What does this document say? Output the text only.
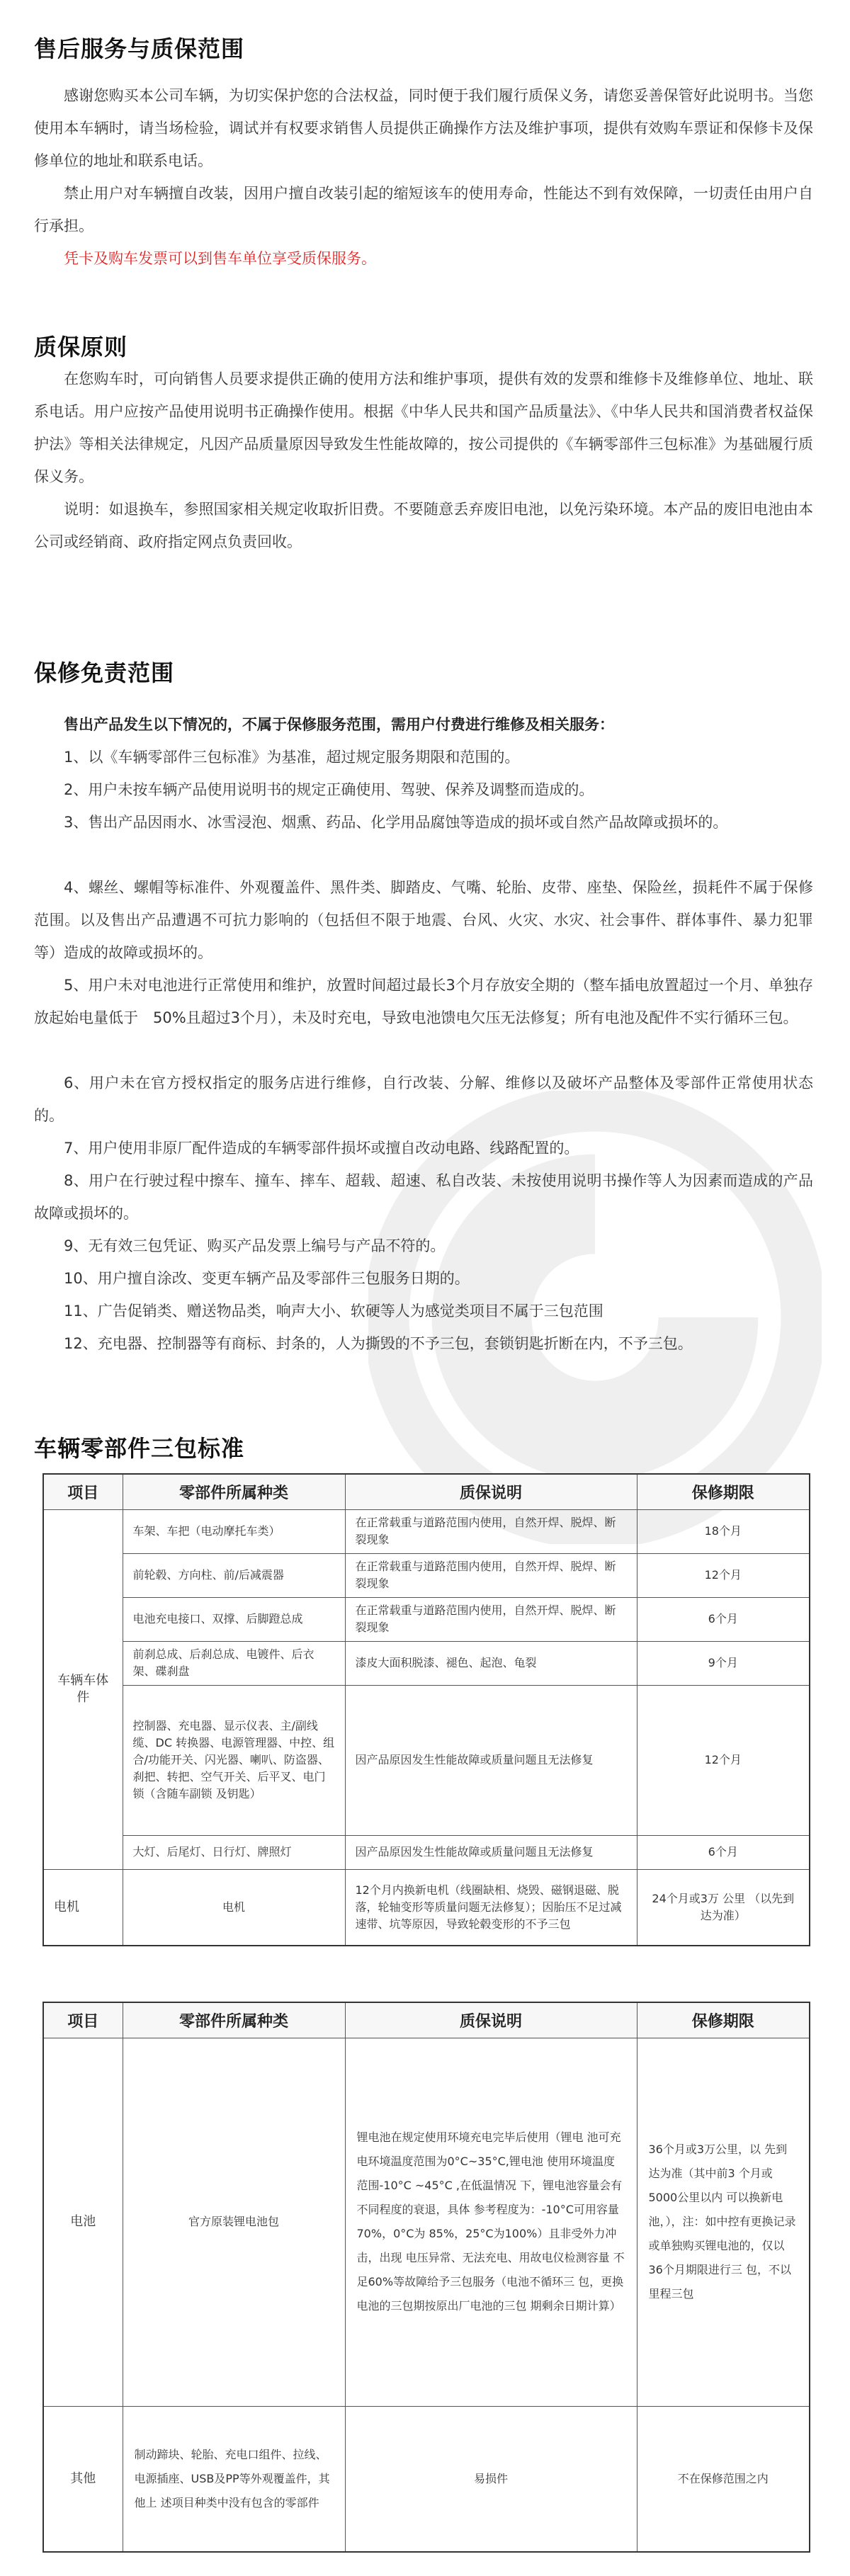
售后服务与质保范围
感谢您购买本公司车辆，为切实保护您的合法权益，同时便于我们履行质保义务，请您妥善保管好此说明书。当您使用本车辆时，请当场检验，调试并有权要求销售人员提供正确操作方法及维护事项，提供有效购车票证和保修卡及保修单位的地址和联系电话。
禁止用户对车辆擅自改装，因用户擅自改装引起的缩短该车的使用寿命，性能达不到有效保障，一切责任由用户自行承担。
凭卡及购车发票可以到售车单位享受质保服务。
质保原则
在您购车时，可向销售人员要求提供正确的使用方法和维护事项，提供有效的发票和维修卡及维修单位、地址、联系电话。用户应按产品使用说明书正确操作使用。根据《中华人民共和国产品质量法》、《中华人民共和国消费者权益保护法》等相关法律规定，凡因产品质量原因导致发生性能故障的，按公司提供的《车辆零部件三包标准》为基础履行质保义务。
说明：如退换车，参照国家相关规定收取折旧费。不要随意丢弃废旧电池，以免污染环境。本产品的废旧电池由本公司或经销商、政府指定网点负责回收。
保修免责范围
售出产品发生以下情况的，不属于保修服务范围，需用户付费进行维修及相关服务：
1、以《车辆零部件三包标准》为基准，超过规定服务期限和范围的。
2、用户未按车辆产品使用说明书的规定正确使用、驾驶、保养及调整而造成的。
3、售出产品因雨水、冰雪浸泡、烟熏、药品、化学用品腐蚀等造成的损坏或自然产品故障或损坏的。
4、螺丝、螺帽等标准件、外观覆盖件、黑件类、脚踏皮、气嘴、轮胎、皮带、座垫、保险丝，损耗件不属于保修范围。以及售出产品遭遇不可抗力影响的（包括但不限于地震、台风、火灾、水灾、社会事件、群体事件、暴力犯罪等）造成的故障或损坏的。
5、用户未对电池进行正常使用和维护，放置时间超过最长3个月存放安全期的（整车插电放置超过一个月、单独存放起始电量低于　50%且超过3个月），未及时充电，导致电池馈电欠压无法修复；所有电池及配件不实行循环三包。
6、用户未在官方授权指定的服务店进行维修，自行改装、分解、维修以及破坏产品整体及零部件正常使用状态的。
7、用户使用非原厂配件造成的车辆零部件损坏或擅自改动电路、线路配置的。
8、用户在行驶过程中擦车、撞车、摔车、超载、超速、私自改装、未按使用说明书操作等人为因素而造成的产品故障或损坏的。
9、无有效三包凭证、购买产品发票上编号与产品不符的。
10、用户擅自涂改、变更车辆产品及零部件三包服务日期的。
11、广告促销类、赠送物品类，响声大小、软硬等人为感觉类项目不属于三包范围
12、充电器、控制器等有商标、封条的，人为撕毁的不予三包，套锁钥匙折断在内，不予三包。
车辆零部件三包标准
项目	零部件所属种类	质保说明	保修期限
车辆车体件	车架、车把（电动摩托车类）	在正常载重与道路范围内使用，自然开焊、脱焊、断裂现象	18个月
	前轮毂、方向柱、前/后减震器	在正常载重与道路范围内使用，自然开焊、脱焊、断裂现象	12个月
	电池充电接口、双撑、后脚蹬总成	在正常载重与道路范围内使用，自然开焊、脱焊、断裂现象	6个月
	前刹总成、后刹总成、电镀件、后衣架、碟刹盘	漆皮大面积脱漆、褪色、起泡、龟裂	9个月
	控制器、充电器、显示仪表、主/副线缆、DC 转换器、电源管理器、中控、组合/功能开关、闪光器、喇叭、防盗器、刹把、转把、空气开关、后平叉、电门锁（含随车副锁 及钥匙）	因产品原因发生性能故障或质量问题且无法修复	12个月
	大灯、后尾灯、日行灯、牌照灯	因产品原因发生性能故障或质量问题且无法修复	6个月
电机	电机	12个月内换新电机（线圈缺相、烧毁、磁钢退磁、脱落，轮轴变形等质量问题无法修复）；因胎压不足过减速带、坑等原因，导致轮毂变形的不予三包	24个月或3万 公里 （以先到达为准）
项目	零部件所属种类	质保说明	保修期限
电池	官方原装锂电池包	锂电池在规定使用环境充电完毕后使用（锂电 池可充电环境温度范围为0°C~35°C,锂电池 使用环境温度范围-10°C ~45°C ,在低温情况 下，锂电池容量会有不同程度的衰退，具体 参考程度为：-10°C可用容量70%，0°C为 85%，25°C为100%）且非受外力冲击，出现 电压异常、无法充电、用故电仪检测容量 不 足60%等故障给予三包服务（电池不循环三 包，更换电池的三包期按原出厂电池的三包 期剩余日期计算）	36个月或3万公里，以 先到达为准（其中前3 个月或5000公里以内 可以换新电池，），注：如中控有更换记录 或单独购买锂电池的，仅以36个月期限进行三 包，不以里程三包
其他	制动蹄块、轮胎、充电口组件、拉线、电源插座、USB及PP等外观覆盖件，其他上 述项目种类中没有包含的零部件	易损件	不在保修范围之内
